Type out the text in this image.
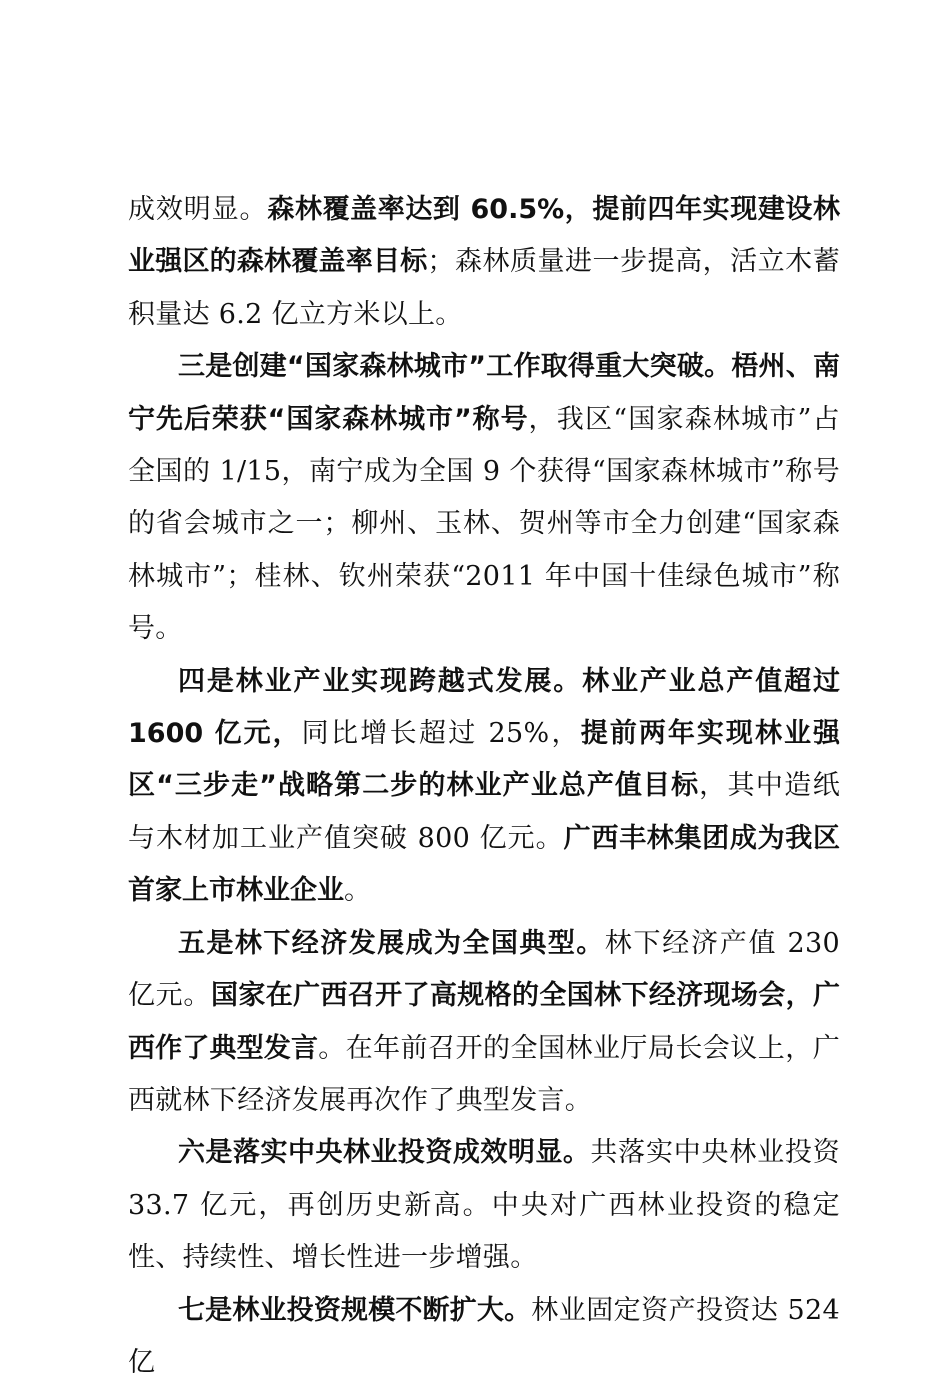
成效明显。森林覆盖率达到 60.5%，提前四年实现建设林业强区的森林覆盖率目标；森林质量进一步提高，活立木蓄积量达 6.2 亿立方米以上。

三是创建“国家森林城市”工作取得重大突破。梧州、南宁先后荣获“国家森林城市”称号，我区“国家森林城市”占全国的 1/15，南宁成为全国 9 个获得“国家森林城市”称号的省会城市之一；柳州、玉林、贺州等市全力创建“国家森林城市”；桂林、钦州荣获“2011 年中国十佳绿色城市”称号。

四是林业产业实现跨越式发展。林业产业总产值超过 1600 亿元，同比增长超过 25%，提前两年实现林业强区“三步走”战略第二步的林业产业总产值目标，其中造纸与木材加工业产值突破 800 亿元。广西丰林集团成为我区首家上市林业企业。

五是林下经济发展成为全国典型。林下经济产值 230 亿元。国家在广西召开了高规格的全国林下经济现场会，广西作了典型发言。在年前召开的全国林业厅局长会议上，广西就林下经济发展再次作了典型发言。

六是落实中央林业投资成效明显。共落实中央林业投资 33.7 亿元，再创历史新高。中央对广西林业投资的稳定性、持续性、增长性进一步增强。

七是林业投资规模不断扩大。林业固定资产投资达 524 亿
